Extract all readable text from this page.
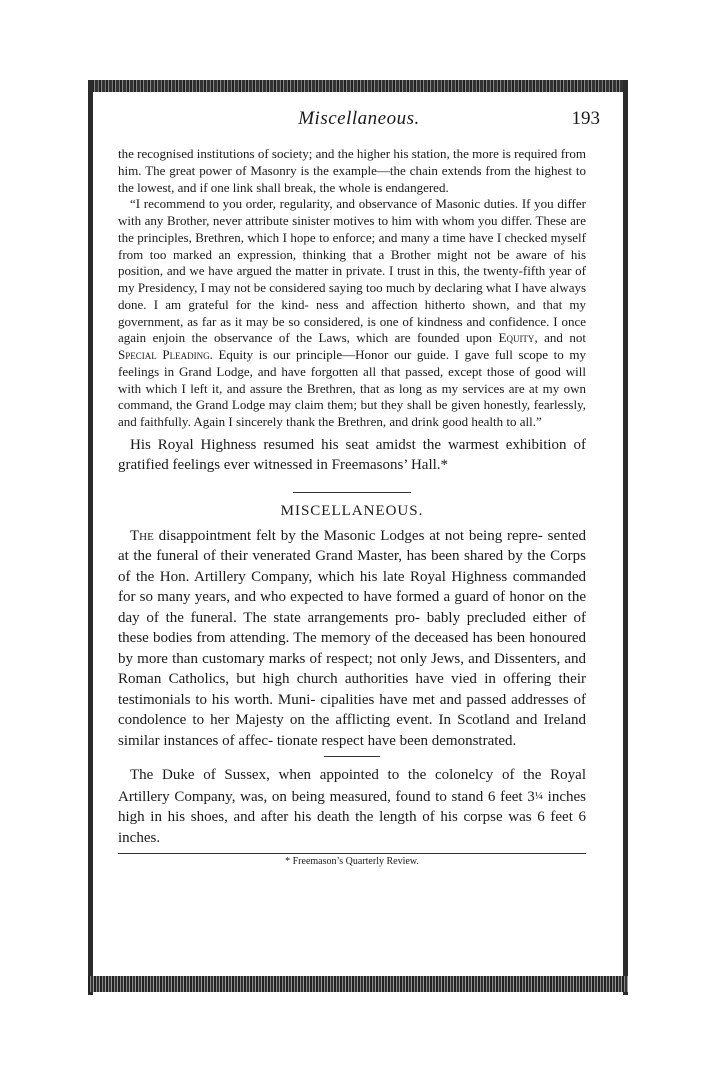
Miscellaneous.	193

the recognised institutions of society; and the higher his station, the more is required from him. The great power of Masonry is the example—the chain extends from the highest to the lowest, and if one link shall break, the whole is endangered.

“I recommend to you order, regularity, and observance of Masonic duties. If you differ with any Brother, never attribute sinister motives to him with whom you differ. These are the principles, Brethren, which I hope to enforce; and many a time have I checked myself from too marked an expression, thinking that a Brother might not be aware of his position, and we have argued the matter in private. I trust in this, the twenty-fifth year of my Presidency, I may not be considered saying too much by declaring what I have always done. I am grateful for the kind- ness and affection hitherto shown, and that my government, as far as it may be so considered, is one of kindness and confidence. I once again enjoin the observance of the Laws, which are founded upon Equity, and not Special Pleading. Equity is our principle—Honor our guide. I gave full scope to my feelings in Grand Lodge, and have forgotten all that passed, except those of good will with which I left it, and assure the Brethren, that as long as my services are at my own command, the Grand Lodge may claim them; but they shall be given honestly, fearlessly, and faithfully. Again I sincerely thank the Brethren, and drink good health to all.”

His Royal Highness resumed his seat amidst the warmest exhibition of gratified feelings ever witnessed in Freemasons’ Hall.*

MISCELLANEOUS.

The disappointment felt by the Masonic Lodges at not being repre- sented at the funeral of their venerated Grand Master, has been shared by the Corps of the Hon. Artillery Company, which his late Royal Highness commanded for so many years, and who expected to have formed a guard of honor on the day of the funeral. The state arrangements pro- bably precluded either of these bodies from attending. The memory of the deceased has been honoured by more than customary marks of respect; not only Jews, and Dissenters, and Roman Catholics, but high church authorities have vied in offering their testimonials to his worth. Muni- cipalities have met and passed addresses of condolence to her Majesty on the afflicting event. In Scotland and Ireland similar instances of affec- tionate respect have been demonstrated.

The Duke of Sussex, when appointed to the colonelcy of the Royal Artillery Company, was, on being measured, found to stand 6 feet 3¼ inches high in his shoes, and after his death the length of his corpse was 6 feet 6 inches.

* Freemason’s Quarterly Review.
